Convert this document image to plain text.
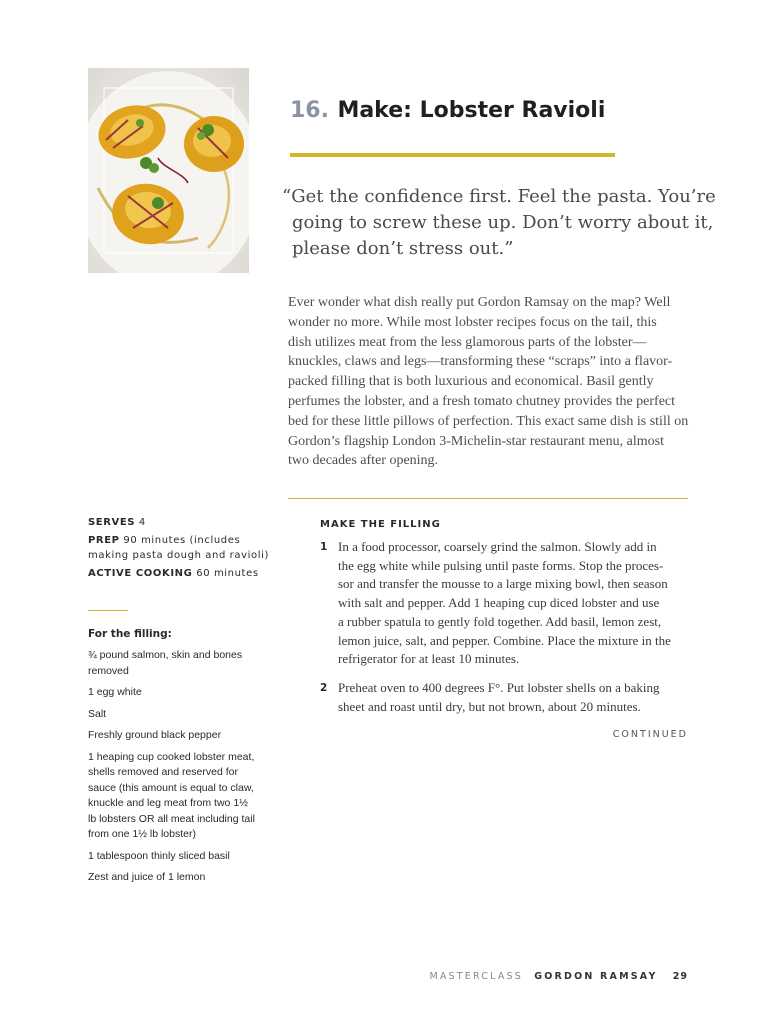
16. Make: Lobster Ravioli
“Get the confidence first. Feel the pasta. You’re
going to screw these up. Don’t worry about it,
please don’t stress out.”
Ever wonder what dish really put Gordon Ramsay on the map? Well
wonder no more. While most lobster recipes focus on the tail, this
dish utilizes meat from the less glamorous parts of the lobster—
knuckles, claws and legs—transforming these “scraps” into a flavor-
packed filling that is both luxurious and economical. Basil gently
perfumes the lobster, and a fresh tomato chutney provides the perfect
bed for these little pillows of perfection. This exact same dish is still on
Gordon’s flagship London 3-Michelin-star restaurant menu, almost
two decades after opening.
SERVES 4
PREP 90 minutes (includes
making pasta dough and ravioli)
ACTIVE COOKING 60 minutes
For the filling:
¾ pound salmon, skin and bones
removed
1 egg white
Salt
Freshly ground black pepper
1 heaping cup cooked lobster meat,
shells removed and reserved for
sauce (this amount is equal to claw,
knuckle and leg meat from two 1½
lb lobsters OR all meat including tail
from one 1½ lb lobster)
1 tablespoon thinly sliced basil
Zest and juice of 1 lemon
MAKE THE FILLING
1 In a food processor, coarsely grind the salmon. Slowly add in
the egg white while pulsing until paste forms. Stop the proces-
sor and transfer the mousse to a large mixing bowl, then season
with salt and pepper. Add 1 heaping cup diced lobster and use
a rubber spatula to gently fold together. Add basil, lemon zest,
lemon juice, salt, and pepper. Combine. Place the mixture in the
refrigerator for at least 10 minutes.
2 Preheat oven to 400 degrees F°. Put lobster shells on a baking
sheet and roast until dry, but not brown, about 20 minutes.
CONTINUED
MASTERCLASS GORDON RAMSAY 29
